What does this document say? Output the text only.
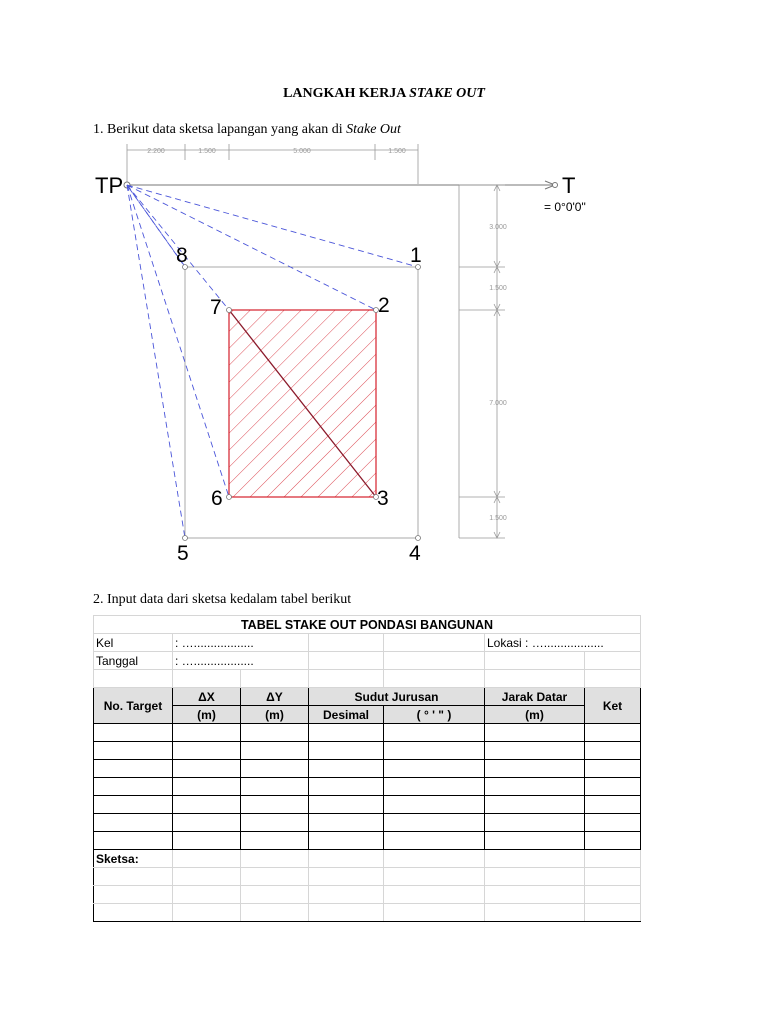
LANGKAH KERJA STAKE OUT
1. Berikut data sketsa lapangan yang akan di Stake Out
2.200	1.500	5.000	1.500
TP	T
= 0°0'0"
1
2
3
4
5
6
7
8
3.000
1.500
7.000
1.500
2. Input data dari sketsa kedalam tabel berikut
TABEL STAKE OUT PONDASI BANGUNAN						
Kel	: …..................				Lokasi : …..................	
Tanggal	: …..................					

No. Target	ΔX	ΔY	Sudut Jurusan		Jarak Datar	Ket
	(m)	(m)	Desimal	( ° ' " )	(m)	

Sketsa:						
